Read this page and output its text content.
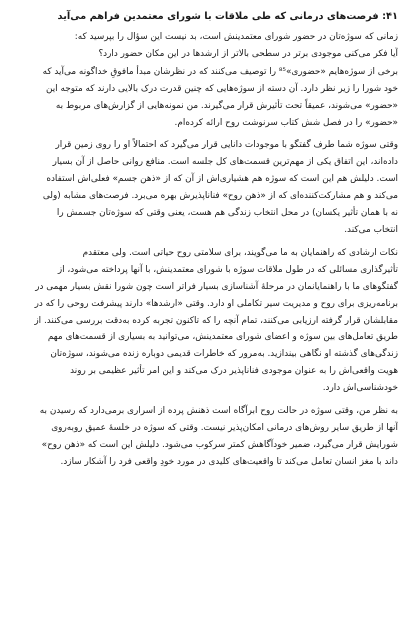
۴۱: فرصت‌های درمانی که طی ملاقات با شورای معتمدین فراهم می‌آید

زمانی که سوژه‌تان در حضور شورای معتمدینش است، بد نیست این سؤال را بپرسید که:
آیا فکر می‌کنی موجودی برتر در سطحی بالاتر از ارشدها در این مکان حضور دارد؟

برخی از سوژه‌هایم «حضوری»⁸⁵ را توصیف می‌کنند که در نظرشان مبدأ مافوقِ خداگونه می‌آید که
خود شورا را زیر نظر دارد. آن دسته از سوژه‌هایی که چنین قدرت درک بالایی دارند که متوجه این
«حضور» می‌شوند، عمیقاً تحت تأثیرش قرار می‌گیرند. من نمونه‌هایی از گزارش‌های مربوط به
«حضور» را در فصل شش کتاب سرنوشت روح ارائه کرده‌ام.

وقتی سوژه شما طرف گفتگو با موجودات دانایی قرار می‌گیرد که احتمالاً او را روی زمین قرار
داده‌اند، این اتفاق یکی از مهم‌ترین قسمت‌های کل جلسه است. منافع روانی حاصل از آن بسیار
است. دلیلش هم این است که سوژه هم هشیاری‌اش از آن که از «ذهن جسم» فعلی‌اش استفاده
می‌کند و هم مشارکت‌کننده‌ای که از «ذهن روح» فناناپذیرش بهره می‌برد. فرصت‌های مشابه (ولی
نه با همان تأثیر یکسان) در محل انتخاب زندگی هم هست، یعنی وقتی که سوژه‌تان جسمش را
انتخاب می‌کند.

نکات ارشادی که راهنمایان به ما می‌گویند، برای سلامتی روح حیاتی است. ولی معتقدم
تأثیرگذاری مسائلی که در طول ملاقات سوژه با شورای معتمدینش، با آنها پرداخته می‌شود، از
گفتگوهای ما با راهنمایانمان در مرحلهٔ آشناسازی بسیار فراتر است چون شورا نقش بسیار مهمی در
برنامه‌ریزی برای روح و مدیریت سیر تکاملی او دارد. وقتی «ارشدها» دارند پیشرفت روحی را که در
مقابلشان قرار گرفته ارزیابی می‌کنند، تمام آنچه را که تاکنون تجربه کرده به‌دقت بررسی می‌کنند. از
طریق تعامل‌های بین سوژه و اعضای شورای معتمدینش، می‌توانید به بسیاری از قسمت‌های مهم
زندگی‌های گذشته او نگاهی بیندازید. به‌مرور که خاطرات قدیمی دوباره زنده می‌شوند، سوژه‌تان
هویت واقعی‌اش را به عنوان موجودی فناناپذیر درک می‌کند و این امر تأثیر عظیمی بر روند
خودشناسی‌اش دارد.

به نظر من، وقتی سوژه در حالت روح ابرآگاه است ذهنش پرده از اسراری برمی‌دارد که رسیدن به
آنها از طریق سایر روش‌های درمانی امکان‌پذیر نیست. وقتی که سوژه در خلسهٔ عمیق روبه‌روی
شورایش قرار می‌گیرد، ضمیر خودآگاهش کمتر سرکوب می‌شود. دلیلش این است که «ذهن روح»
داند با مغز انسان تعامل می‌کند تا واقعیت‌های کلیدی در مورد خودِ واقعی فرد را آشکار سازد.
